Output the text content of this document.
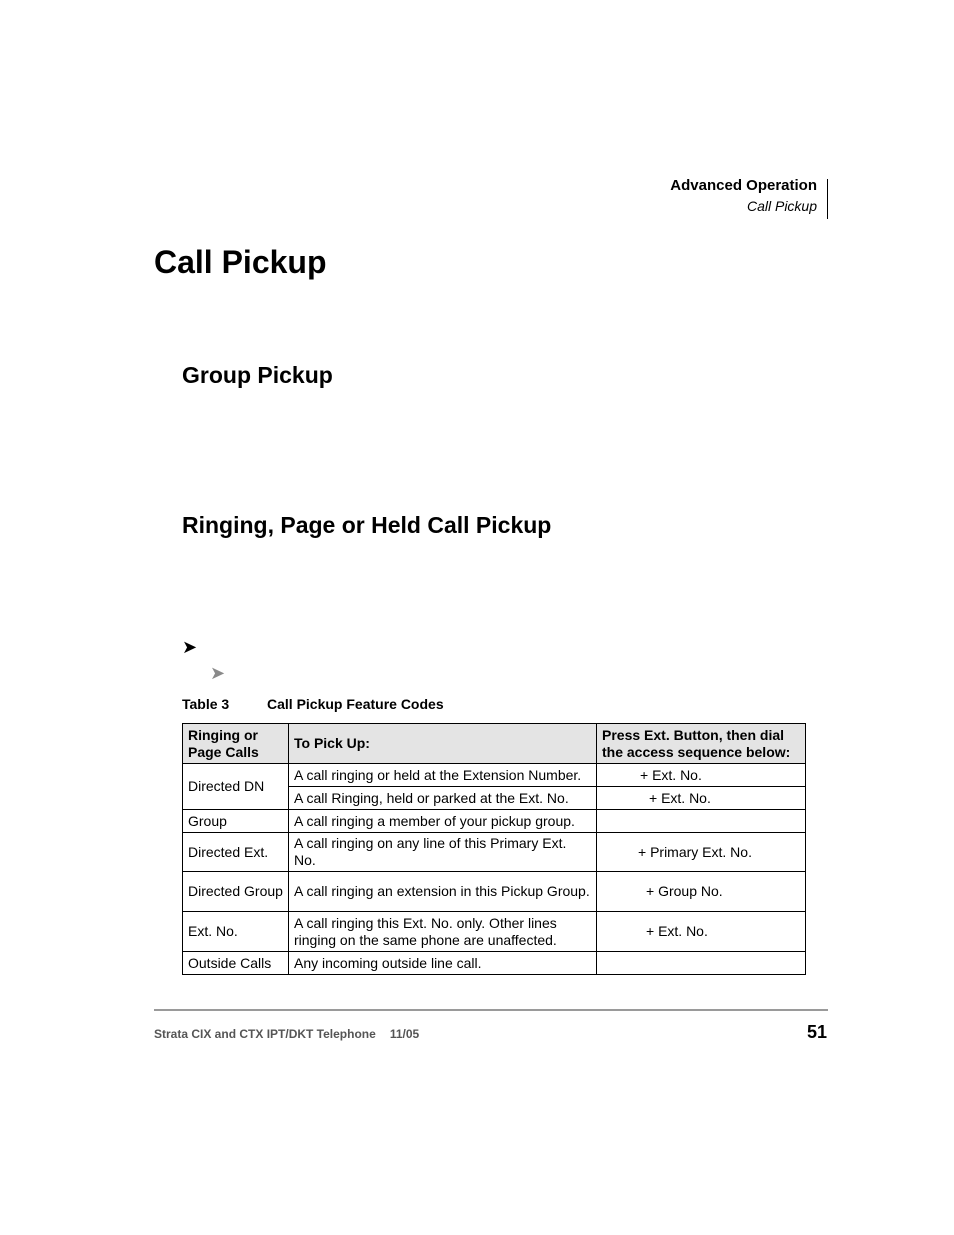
Advanced Operation
Call Pickup
Call Pickup
Group Pickup
Ringing, Page or Held Call Pickup
➤
➤
Table 3	Call Pickup Feature Codes
Ringing or Page Calls	To Pick Up:	Press Ext. Button, then dial the access sequence below:
Directed DN	A call ringing or held at the Extension Number.	+ Ext. No.
	A call Ringing, held or parked at the Ext. No.	+ Ext. No.
Group	A call ringing a member of your pickup group.	
Directed Ext.	A call ringing on any line of this Primary Ext. No.	+ Primary Ext. No.
Directed Group	A call ringing an extension in this Pickup Group.	+ Group No.
Ext. No.	A call ringing this Ext. No. only. Other lines ringing on the same phone are unaffected.	+ Ext. No.
Outside Calls	Any incoming outside line call.	
Strata CIX and CTX IPT/DKT Telephone 11/05	51
